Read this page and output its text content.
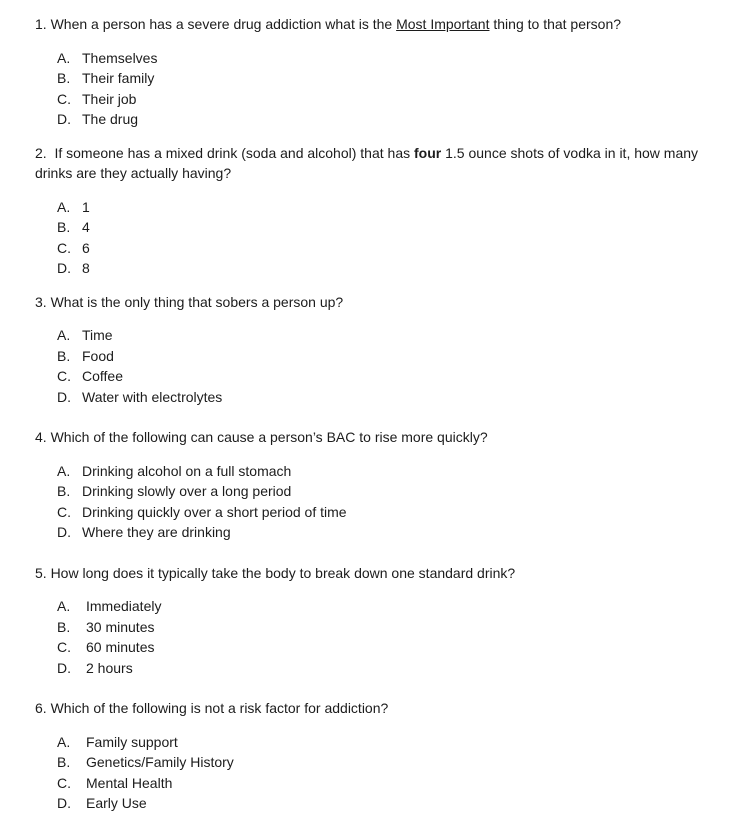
1. When a person has a severe drug addiction what is the Most Important thing to that person?

A. Themselves
B. Their family
C. Their job
D. The drug

2.  If someone has a mixed drink (soda and alcohol) that has four 1.5 ounce shots of vodka in it, how many drinks are they actually having?

A. 1
B. 4
C. 6
D. 8

3. What is the only thing that sobers a person up?

A. Time
B. Food
C. Coffee
D. Water with electrolytes

4. Which of the following can cause a person’s BAC to rise more quickly?

A. Drinking alcohol on a full stomach
B. Drinking slowly over a long period
C. Drinking quickly over a short period of time
D. Where they are drinking

5. How long does it typically take the body to break down one standard drink?

A.	Immediately
B.	30 minutes
C.	60 minutes
D.	2 hours

6. Which of the following is not a risk factor for addiction?

A.	Family support
B.	Genetics/Family History
C.	Mental Health
D.	Early Use
